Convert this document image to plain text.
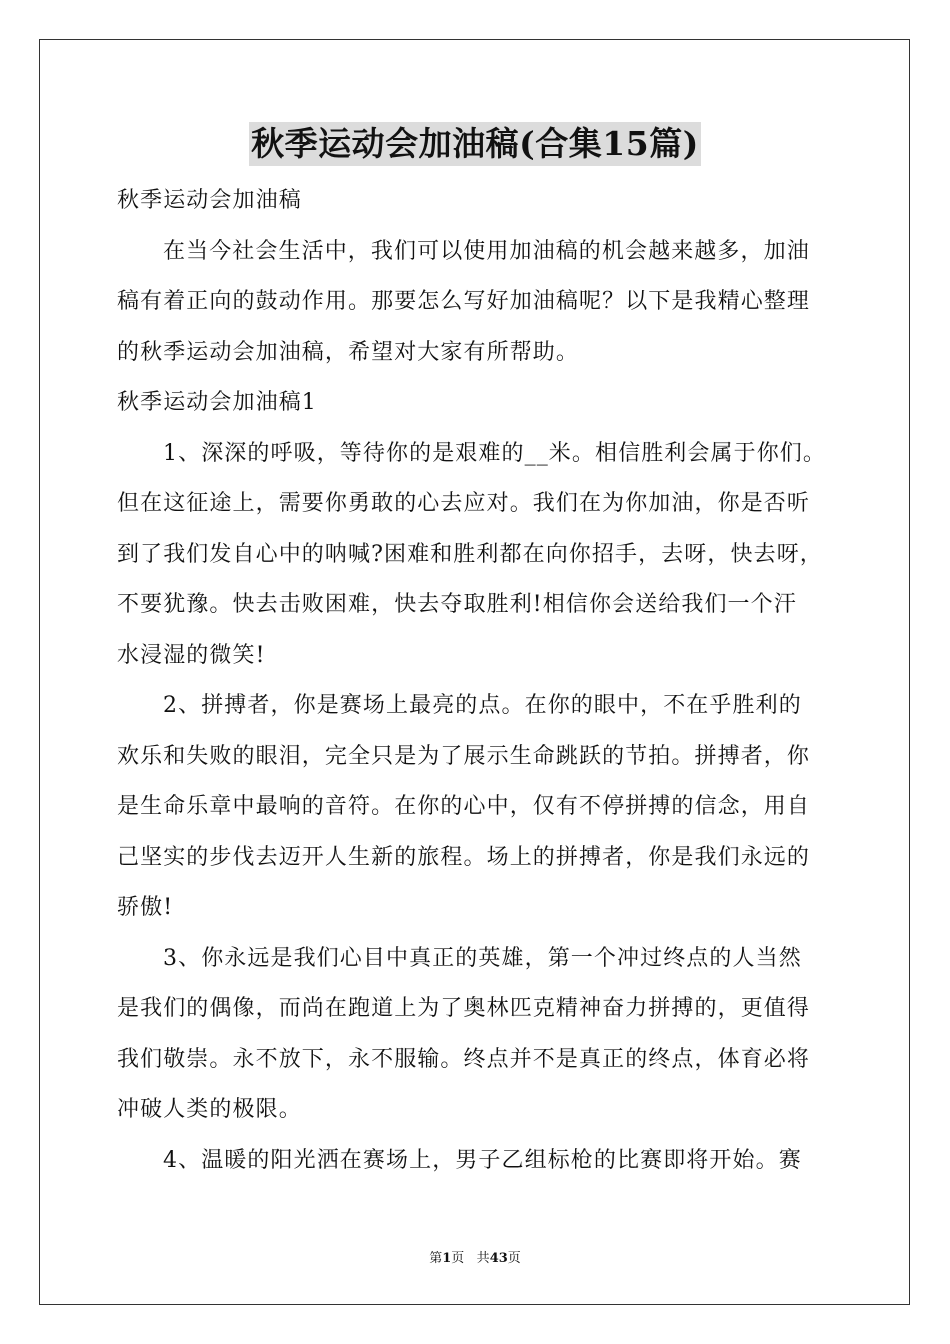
秋季运动会加油稿(合集15篇)
秋季运动会加油稿
在当今社会生活中，我们可以使用加油稿的机会越来越多，加油
稿有着正向的鼓动作用。那要怎么写好加油稿呢？以下是我精心整理
的秋季运动会加油稿，希望对大家有所帮助。
秋季运动会加油稿1
1、深深的呼吸，等待你的是艰难的__米。相信胜利会属于你们。
但在这征途上，需要你勇敢的心去应对。我们在为你加油，你是否听
到了我们发自心中的呐喊?困难和胜利都在向你招手，去呀，快去呀，
不要犹豫。快去击败困难，快去夺取胜利!相信你会送给我们一个汗
水浸湿的微笑!
2、拼搏者，你是赛场上最亮的点。在你的眼中，不在乎胜利的
欢乐和失败的眼泪，完全只是为了展示生命跳跃的节拍。拼搏者，你
是生命乐章中最响的音符。在你的心中，仅有不停拼搏的信念，用自
己坚实的步伐去迈开人生新的旅程。场上的拼搏者，你是我们永远的
骄傲!
3、你永远是我们心目中真正的英雄，第一个冲过终点的人当然
是我们的偶像，而尚在跑道上为了奥林匹克精神奋力拼搏的，更值得
我们敬崇。永不放下，永不服输。终点并不是真正的终点，体育必将
冲破人类的极限。
4、温暖的阳光洒在赛场上，男子乙组标枪的比赛即将开始。赛
第1页 共43页
